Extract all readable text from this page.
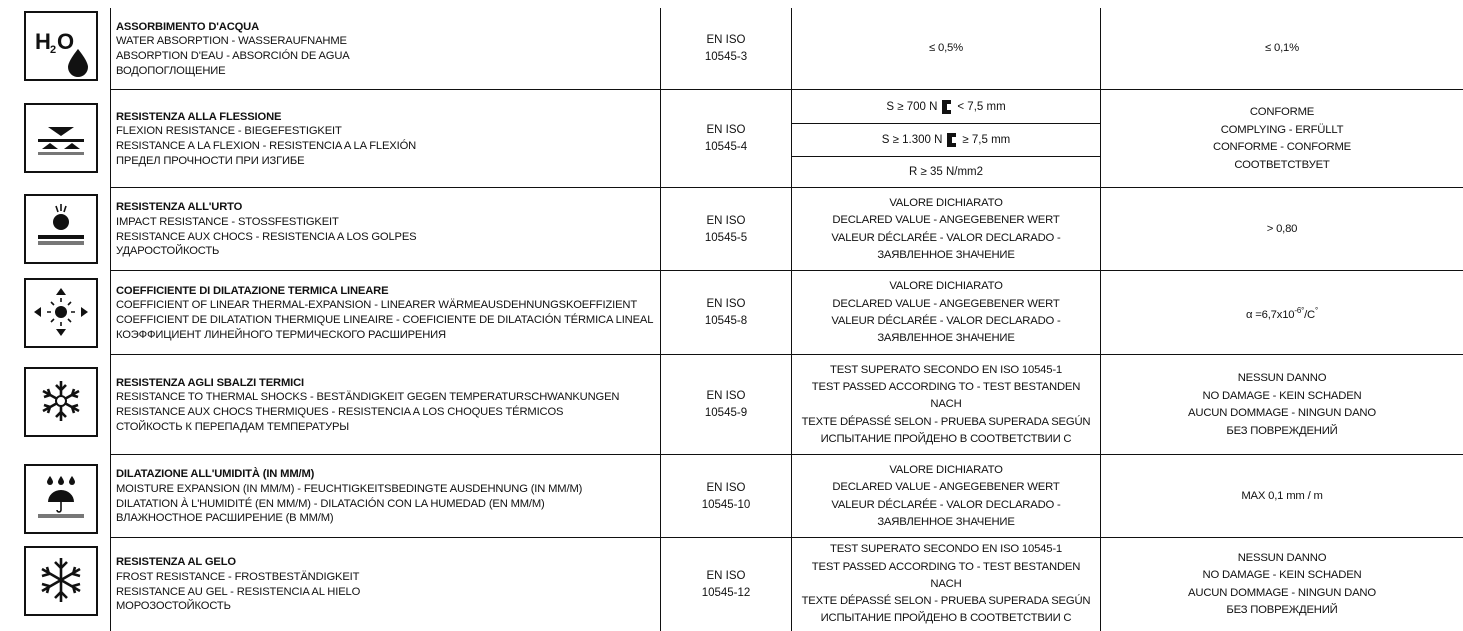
H 2 O
ASSORBIMENTO D'ACQUA
WATER ABSORPTION - WASSERAUFNAHME
ABSORPTION D'EAU - ABSORCIÓN DE AGUA
ВОДОПОГЛОЩЕНИЕ
EN ISO
10545-3
≤ 0,5%	≤ 0,1%
RESISTENZA ALLA FLESSIONE
FLEXION RESISTANCE - BIEGEFESTIGKEIT
RESISTANCE A LA FLEXION - RESISTENCIA A LA FLEXIÓN
ПРЕДЕЛ ПРОЧНОСТИ ПРИ ИЗГИБЕ
EN ISO
10545-4
S ≥ 700 N < 7,5 mm
S ≥ 1.300 N ≥ 7,5 mm
R ≥ 35 N/mm2
CONFORME
COMPLYING - ERFÜLLT
CONFORME - CONFORME
СООТВЕТСТВУЕТ
RESISTENZA ALL'URTO
IMPACT RESISTANCE - STOSSFESTIGKEIT
RESISTANCE AUX CHOCS - RESISTENCIA A LOS GOLPES
УДАРОСТОЙКОСТЬ
EN ISO
10545-5
VALORE DICHIARATO
DECLARED VALUE - ANGEGEBENER WERT
VALEUR DÉCLARÉE - VALOR DECLARADO -
ЗАЯВЛЕННОЕ ЗНАЧЕНИЕ
> 0,80
COEFFICIENTE DI DILATAZIONE TERMICA LINEARE
COEFFICIENT OF LINEAR THERMAL-EXPANSION - LINEARER WÄRMEAUSDEHNUNGSKOEFFIZIENT
COEFFICIENT DE DILATATION THERMIQUE LINEAIRE - COEFICIENTE DE DILATACIÓN TÉRMICA LINEAL
КОЭФФИЦИЕНТ ЛИНЕЙНОГО ТЕРМИЧЕСКОГО РАСШИРЕНИЯ
EN ISO
10545-8
VALORE DICHIARATO
DECLARED VALUE - ANGEGEBENER WERT
VALEUR DÉCLARÉE - VALOR DECLARADO -
ЗАЯВЛЕННОЕ ЗНАЧЕНИЕ
$\alpha =6,7x10^{-6^\circ}/C^\circ$
RESISTENZA AGLI SBALZI TERMICI
RESISTANCE TO THERMAL SHOCKS - BESTÄNDIGKEIT GEGEN TEMPERATURSCHWANKUNGEN
RESISTANCE AUX CHOCS THERMIQUES - RESISTENCIA A LOS CHOQUES TÉRMICOS
СТОЙКОСТЬ К ПЕРЕПАДАМ ТЕМПЕРАТУРЫ
EN ISO
10545-9
TEST SUPERATO SECONDO EN ISO 10545-1
TEST PASSED ACCORDING TO - TEST BESTANDEN
NACH
TEXTE DÉPASSÉ SELON - PRUEBA SUPERADA SEGÚN
ИСПЫТАНИЕ ПРОЙДЕНО В СООТВЕТСТВИИ С
NESSUN DANNO
NO DAMAGE - KEIN SCHADEN
AUCUN DOMMAGE - NINGUN DANO
БЕЗ ПОВРЕЖДЕНИЙ
DILATAZIONE ALL'UMIDITÀ (IN MM/M)
MOISTURE EXPANSION (IN MM/M) - FEUCHTIGKEITSBEDINGTE AUSDEHNUNG (IN MM/M)
DILATATION À L'HUMIDITÉ (EN MM/M) - DILATACIÓN CON LA HUMEDAD (EN MM/M)
ВЛАЖНОСТНОЕ РАСШИРЕНИЕ (В ММ/М)
EN ISO
10545-10
VALORE DICHIARATO
DECLARED VALUE - ANGEGEBENER WERT
VALEUR DÉCLARÉE - VALOR DECLARADO -
ЗАЯВЛЕННОЕ ЗНАЧЕНИЕ
MAX 0,1 mm / m
RESISTENZA AL GELO
FROST RESISTANCE - FROSTBESTÄNDIGKEIT
RESISTANCE AU GEL - RESISTENCIA AL HIELO
МОРОЗОСТОЙКОСТЬ
EN ISO
10545-12
TEST SUPERATO SECONDO EN ISO 10545-1
TEST PASSED ACCORDING TO - TEST BESTANDEN
NACH
TEXTE DÉPASSÉ SELON - PRUEBA SUPERADA SEGÚN
ИСПЫТАНИЕ ПРОЙДЕНО В СООТВЕТСТВИИ С
NESSUN DANNO
NO DAMAGE - KEIN SCHADEN
AUCUN DOMMAGE - NINGUN DANO
БЕЗ ПОВРЕЖДЕНИЙ
